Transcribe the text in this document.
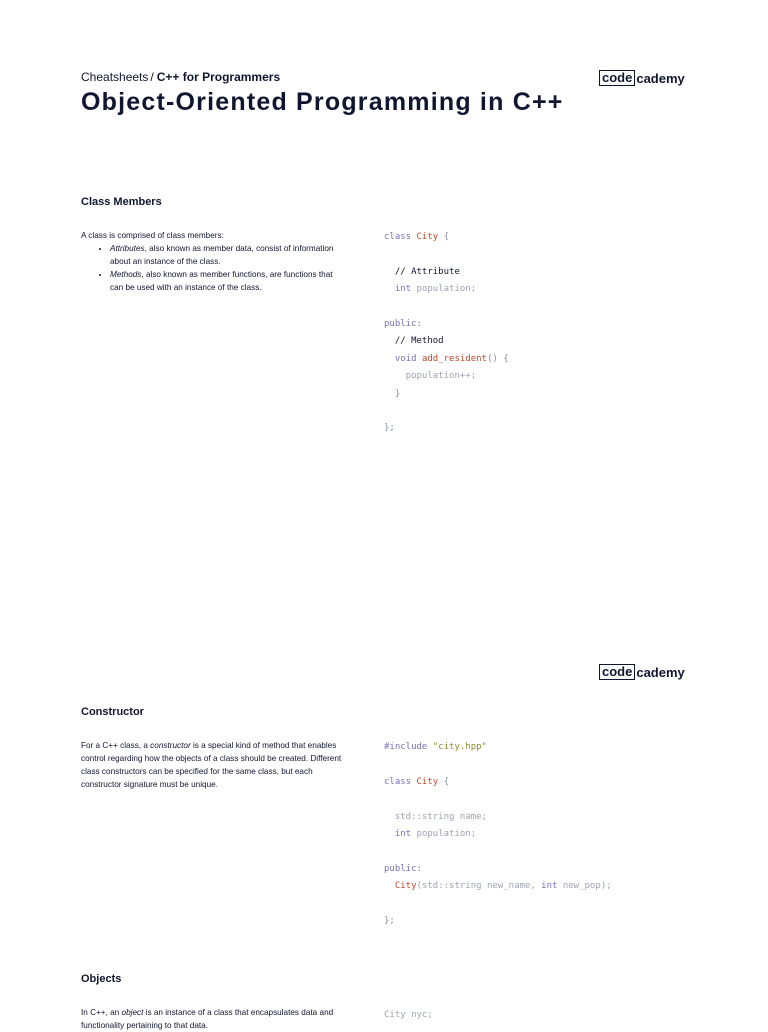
Cheatsheets / C++ for Programmers	code cademy
Object-Oriented Programming in C++
Class Members

A class is comprised of class members:

• Attributes, also known as member data, consist of information about an instance of the class.
• Methods, also known as member functions, are functions that can be used with an instance of the class.
class City {
// Attribute
int population;
public:
// Method
void add_resident() {
population++;
}
};
code cademy
Constructor

For a C++ class, a constructor is a special kind of method that enables control regarding how the objects of a class should be created. Different class constructors can be specified for the same class, but each constructor signature must be unique.

#include "city.hpp"
class City {
std::string name;
int population;
public:
City(std::string new_name, int new_pop);
};
Objects

In C++, an object is an instance of a class that encapsulates data and functionality pertaining to that data.

City nyc;
